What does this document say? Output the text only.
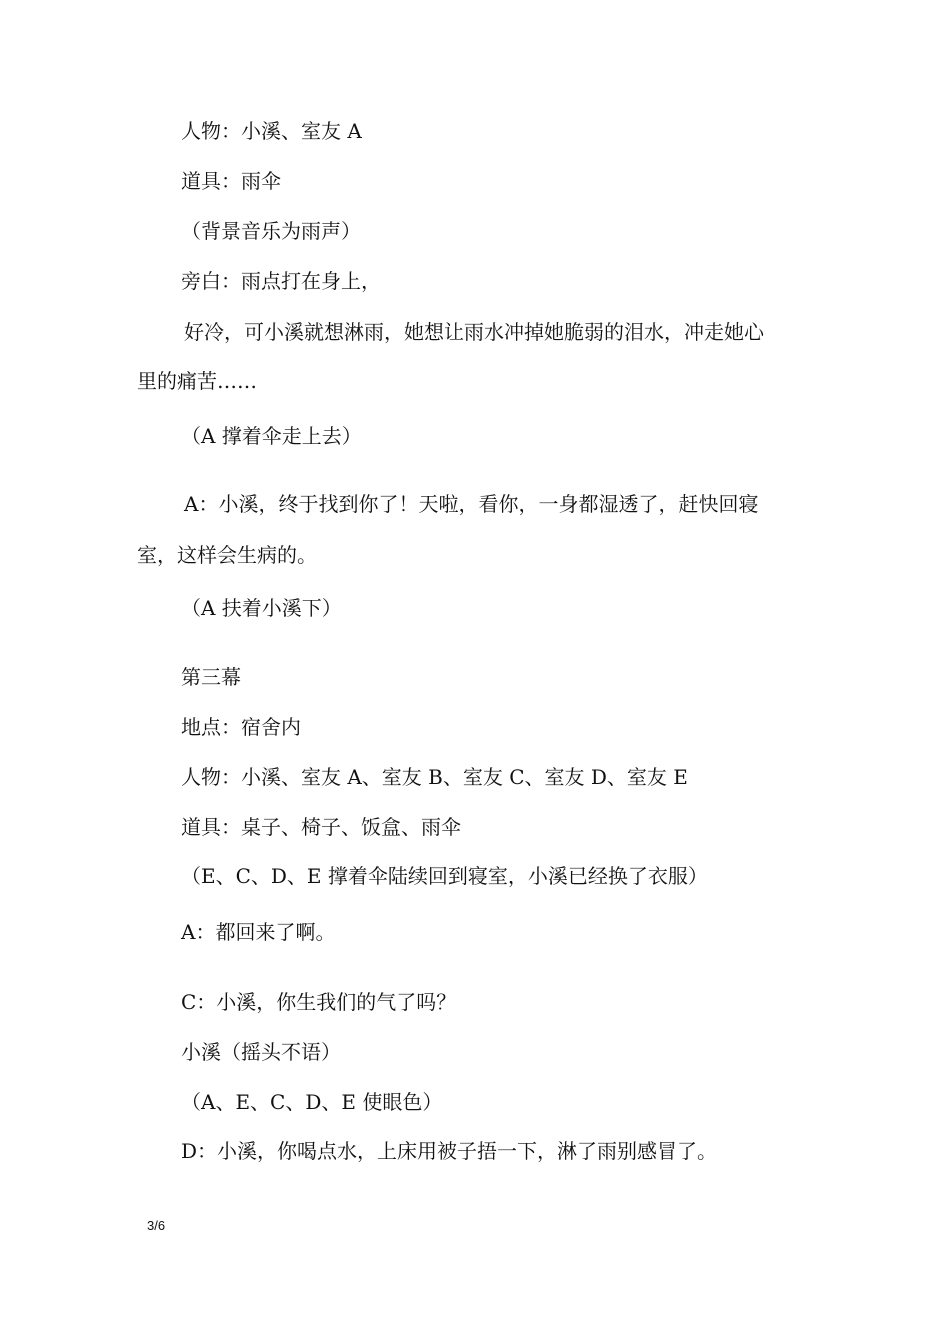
人物：小溪、室友 A
道具：雨伞
（背景音乐为雨声）
旁白：雨点打在身上，
好冷，可小溪就想淋雨，她想让雨水冲掉她脆弱的泪水，冲走她心
里的痛苦……
（A 撑着伞走上去）
A：小溪，终于找到你了！天啦，看你，一身都湿透了，赶快回寝
室，这样会生病的。
（A 扶着小溪下）
第三幕
地点：宿舍内
人物：小溪、室友 A、室友 B、室友 C、室友 D、室友 E
道具：桌子、椅子、饭盒、雨伞
（E、C、D、E 撑着伞陆续回到寝室，小溪已经换了衣服）
A：都回来了啊。
C：小溪，你生我们的气了吗？
小溪（摇头不语）
（A、E、C、D、E 使眼色）
D：小溪，你喝点水，上床用被子捂一下，淋了雨别感冒了。
3/6
